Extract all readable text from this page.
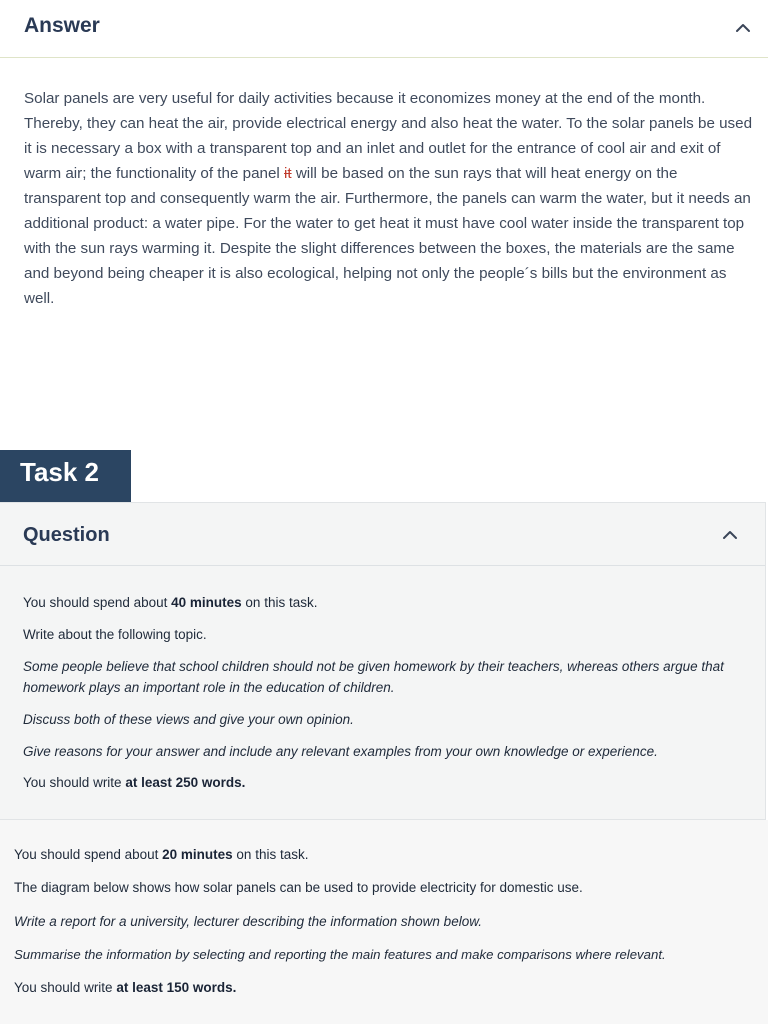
Answer
Solar panels are very useful for daily activities because it economizes money at the end of the month. Thereby, they can heat the air, provide electrical energy and also heat the water. To the solar panels be used it is necessary a box with a transparent top and an inlet and outlet for the entrance of cool air and exit of warm air; the functionality of the panel it will be based on the sun rays that will heat energy on the transparent top and consequently warm the air. Furthermore, the panels can warm the water, but it needs an additional product: a water pipe. For the water to get heat it must have cool water inside the transparent top with the sun rays warming it. Despite the slight differences between the boxes, the materials are the same and beyond being cheaper it is also ecological, helping not only the people´s bills but the environment as well.
Task 2
Question
You should spend about 40 minutes on this task.
Write about the following topic.
Some people believe that school children should not be given homework by their teachers, whereas others argue that homework plays an important role in the education of children.
Discuss both of these views and give your own opinion.
Give reasons for your answer and include any relevant examples from your own knowledge or experience.
You should write at least 250 words.
You should spend about 20 minutes on this task.
The diagram below shows how solar panels can be used to provide electricity for domestic use.
Write a report for a university, lecturer describing the information shown below.
Summarise the information by selecting and reporting the main features and make comparisons where relevant.
You should write at least 150 words.
